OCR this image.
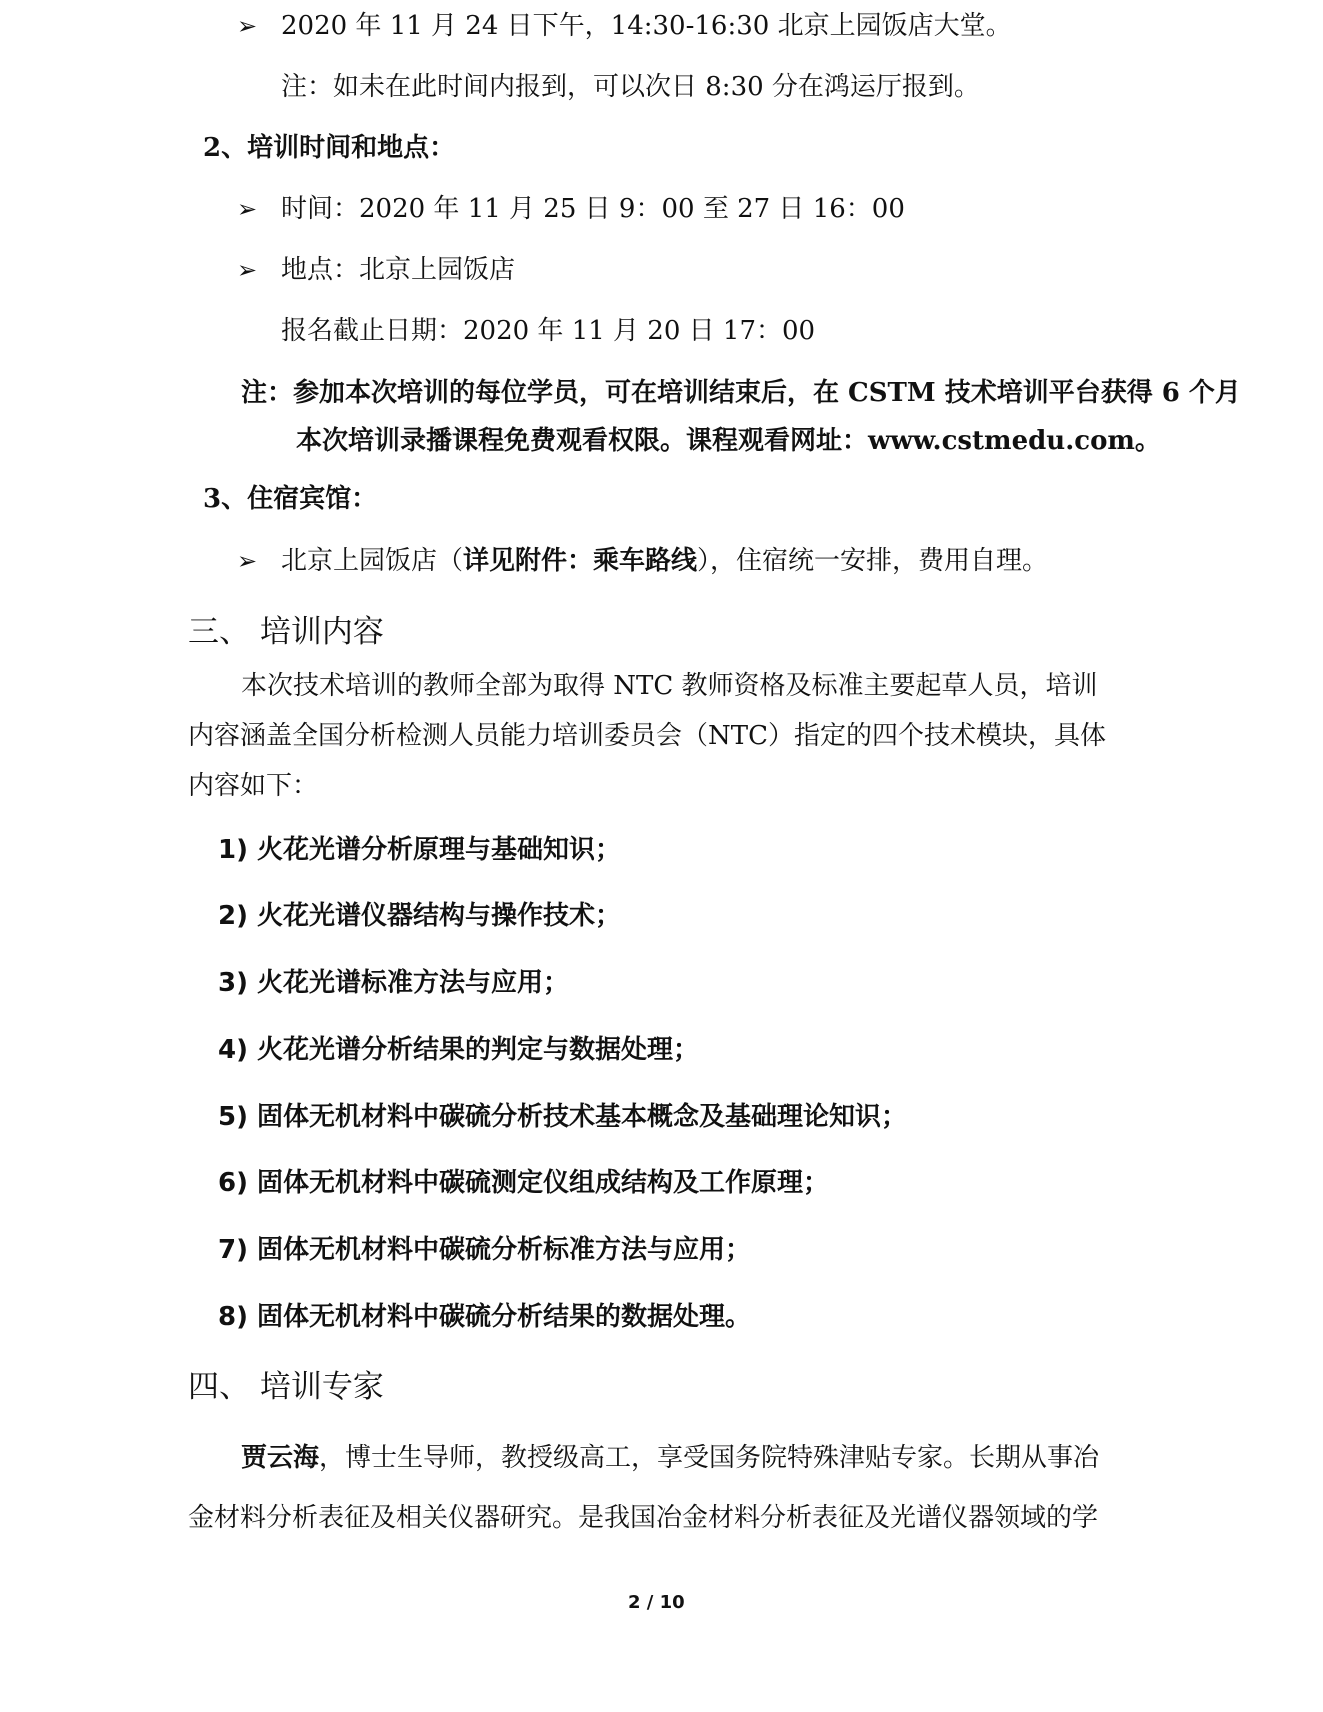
➢ 2020 年 11 月 24 日下午，14:30-16:30 北京上园饭店大堂。
注：如未在此时间内报到，可以次日 8:30 分在鸿运厅报到。
2、培训时间和地点：
➢ 时间：2020 年 11 月 25 日 9：00 至 27 日 16：00
➢ 地点：北京上园饭店
报名截止日期：2020 年 11 月 20 日 17：00
注：参加本次培训的每位学员，可在培训结束后，在 CSTM 技术培训平台获得 6 个月
本次培训录播课程免费观看权限。课程观看网址：www.cstmedu.com。
3、住宿宾馆：
➢ 北京上园饭店（详见附件：乘车路线），住宿统一安排，费用自理。
三、 培训内容
本次技术培训的教师全部为取得 NTC 教师资格及标准主要起草人员，培训
内容涵盖全国分析检测人员能力培训委员会（NTC）指定的四个技术模块，具体
内容如下：
1) 火花光谱分析原理与基础知识；
2) 火花光谱仪器结构与操作技术；
3) 火花光谱标准方法与应用；
4) 火花光谱分析结果的判定与数据处理；
5) 固体无机材料中碳硫分析技术基本概念及基础理论知识；
6) 固体无机材料中碳硫测定仪组成结构及工作原理；
7) 固体无机材料中碳硫分析标准方法与应用；
8) 固体无机材料中碳硫分析结果的数据处理。
四、 培训专家
贾云海，博士生导师，教授级高工，享受国务院特殊津贴专家。长期从事冶
金材料分析表征及相关仪器研究。是我国冶金材料分析表征及光谱仪器领域的学
2 / 10
